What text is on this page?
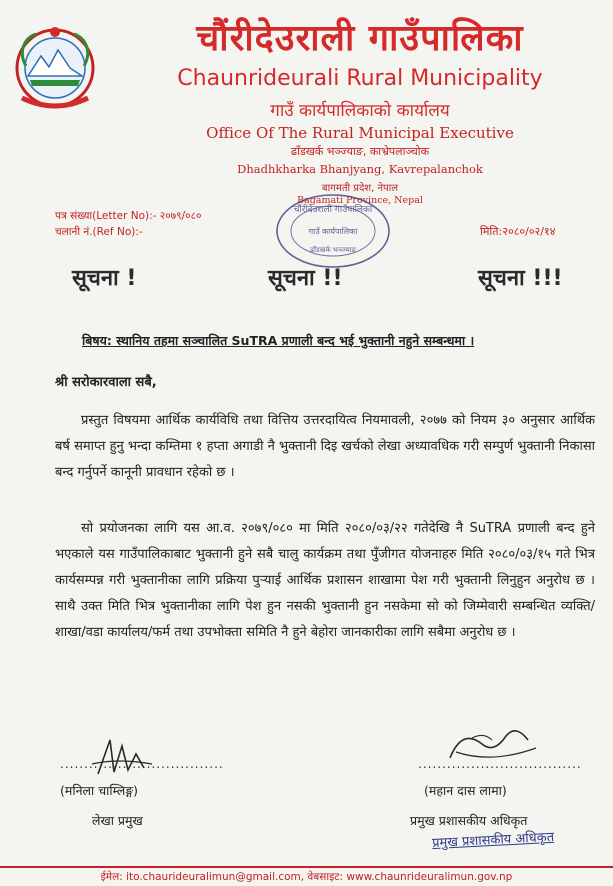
चौंरीदेउराली गाउँपालिका
Chaunrideurali Rural Municipality
गाउँ कार्यपालिकाको कार्यालय
Office Of The Rural Municipal Executive
ढाँडखर्क भञ्ज्याङ, काभ्रेपलाञ्चोक
Dhadhkharka Bhanjyang, Kavrepalanchok
बागमती प्रदेश, नेपाल
Bagamati Province, Nepal
चौंरीदेउराली गाउँपालिका
गाउँ कार्यपालिका
ढाँडखर्क भञ्ज्याङ
पत्र संख्या(Letter No):- २०७९/०८०
चलानी नं.(Ref No):-	मिति:२०८०/०२/१४
सूचना !	सूचना !!	सूचना !!!
बिषय: स्थानिय तहमा सञ्चालित SuTRA प्रणाली बन्द भई भुक्तानी नहुने सम्बन्धमा ।
श्री सरोकारवाला सबै,
प्रस्तुत विषयमा आर्थिक कार्यविधि तथा वित्तिय उत्तरदायित्व नियमावली, २०७७ को नियम ३० अनुसार आर्थिक बर्ष समाप्त हुनु भन्दा कम्तिमा १ हप्ता अगाडी नै भुक्तानी दिइ खर्चको लेखा अध्यावधिक गरी सम्पुर्ण भुक्तानी निकासा बन्द गर्नुपर्ने कानूनी प्रावधान रहेको छ ।
सो प्रयोजनका लागि यस आ.व. २०७९/०८० मा मिति २०८०/०३/२२ गतेदेखि नै SuTRA प्रणाली बन्द हुने भएकाले यस गाउँपालिकाबाट भुक्तानी हुने सबै चालु कार्यक्रम तथा पुँजीगत योजनाहरु मिति २०८०/०३/१५ गते भित्र कार्यसम्पन्न गरी भुक्तानीका लागि प्रक्रिया पुऱ्याई आर्थिक प्रशासन शाखामा पेश गरी भुक्तानी लिनुहुन अनुरोध छ । साथै उक्त मिति भित्र भुक्तानीका लागि पेश हुन नसकी भुक्तानी हुन नसकेमा सो को जिम्मेवारी सम्बन्धित व्यक्ति/शाखा/वडा कार्यालय/फर्म तथा उपभोक्ता समिति नै हुने बेहोरा जानकारीका लागि सबैमा अनुरोध छ ।
..................................	..................................
(मनिला चाम्लिङ्ग)	(महान दास लामा)
लेखा प्रमुख	प्रमुख प्रशासकीय अधिकृत
प्रमुख प्रशासकीय अधिकृत
ईमेल: ito.chaurideuralimun@gmail.com, वेबसाइट: www.chaunrideuralimun.gov.np
